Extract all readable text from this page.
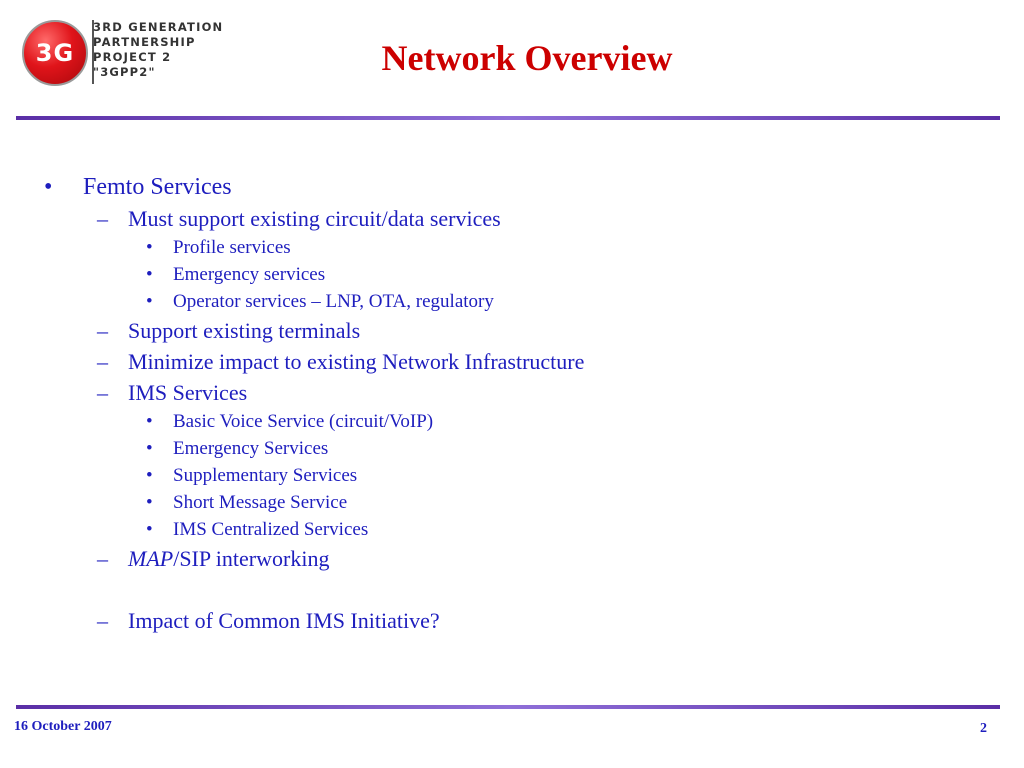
3G
3RD GENERATION
PARTNERSHIP
PROJECT 2
"3GPP2"	Network Overview
• Femto Services
– Must support existing circuit/data services
• Profile services
• Emergency services
• Operator services – LNP, OTA, regulatory
– Support existing terminals
– Minimize impact to existing Network Infrastructure
– IMS Services
• Basic Voice Service (circuit/VoIP)
• Emergency Services
• Supplementary Services
• Short Message Service
• IMS Centralized Services
– MAP/SIP interworking
– Impact of Common IMS Initiative?
16 October 2007	2
